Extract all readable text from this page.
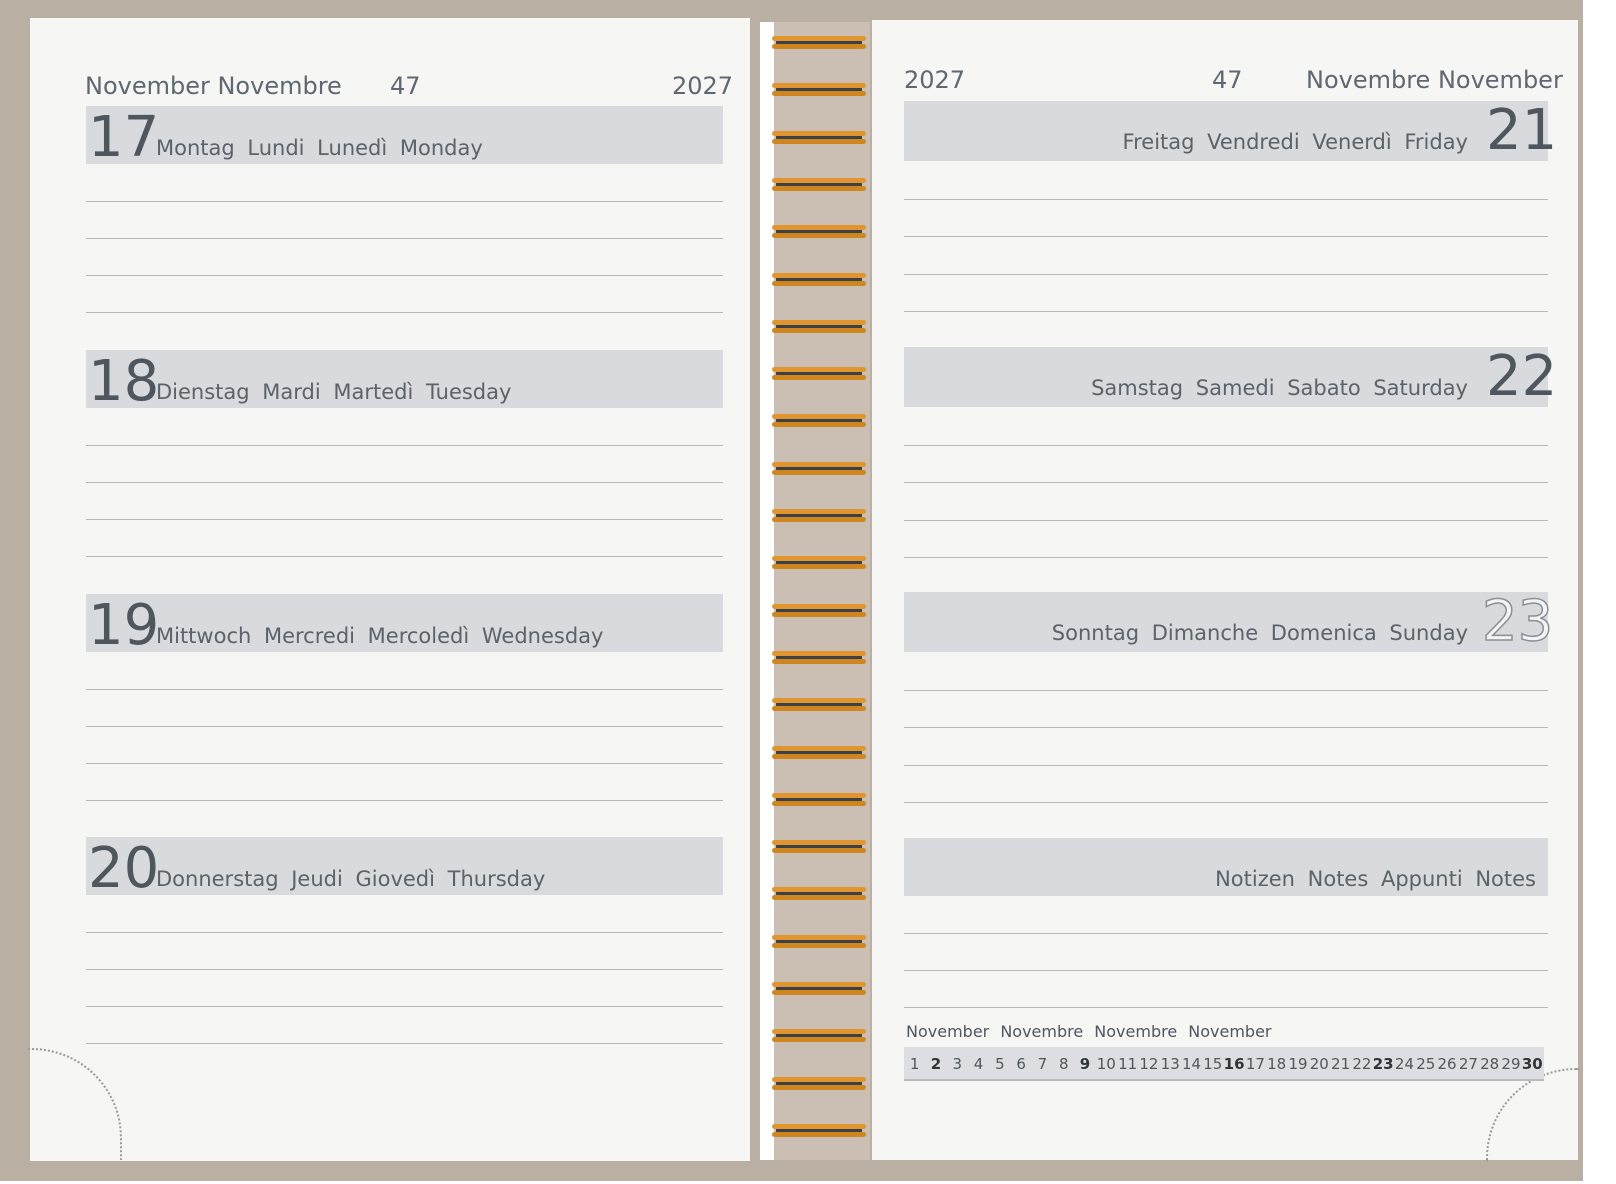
November Novembre 47	2027
17
Montag Lundi Lunedì Monday
18
Dienstag Mardi Martedì Tuesday
19
Mittwoch Mercredi Mercoledì Wednesday
20
Donnerstag Jeudi Giovedì Thursday
2027	47	Novembre November
Freitag Vendredi Venerdì Friday 21
Samstag Samedi Sabato Saturday 22
Sonntag Dimanche Domenica Sunday 23
Notizen Notes Appunti Notes
November Novembre Novembre November
1 2 3 4 5 6 7 8 9 10 11 12 13 14 15 16 17 18 19 20 21 22 23 24 25 26 27 28 29 30
